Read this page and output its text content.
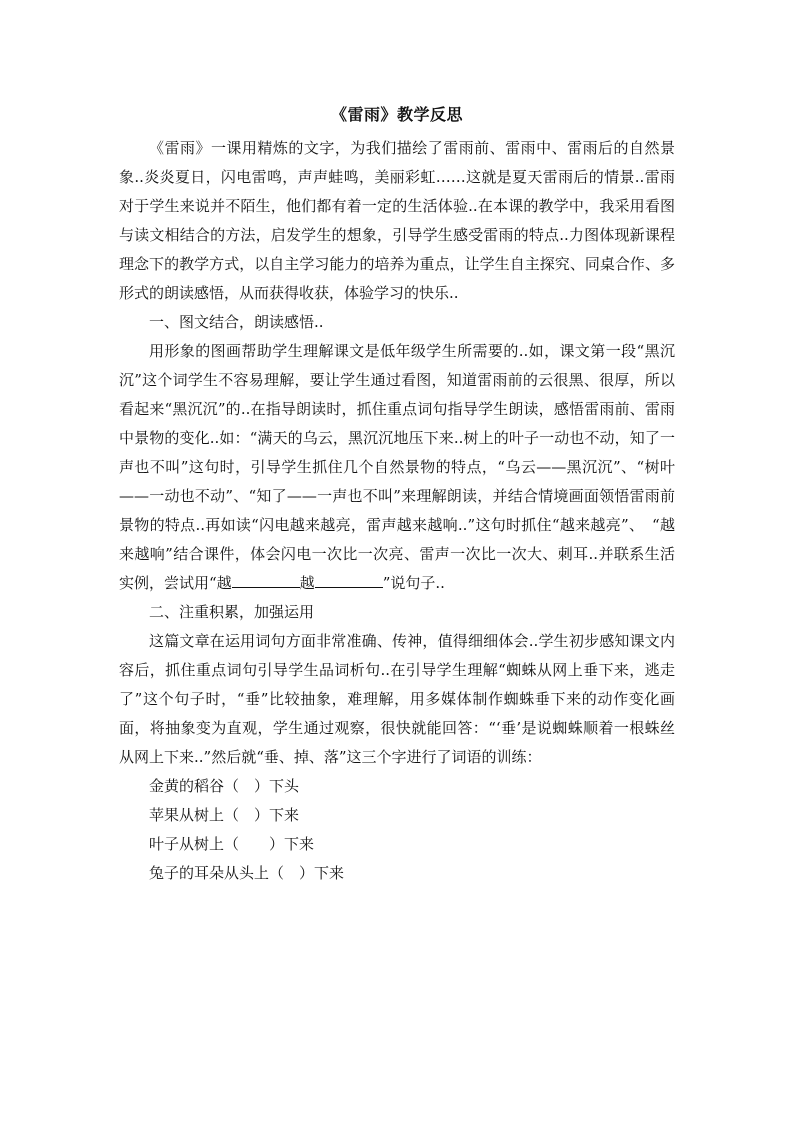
《雷雨》教学反思

《雷雨》一课用精炼的文字，为我们描绘了雷雨前、雷雨中、雷雨后的自然景象..炎炎夏日，闪电雷鸣，声声蛙鸣，美丽彩虹……这就是夏天雷雨后的情景..雷雨对于学生来说并不陌生，他们都有着一定的生活体验..在本课的教学中，我采用看图与读文相结合的方法，启发学生的想象，引导学生感受雷雨的特点..力图体现新课程理念下的教学方式，以自主学习能力的培养为重点，让学生自主探究、同桌合作、多形式的朗读感悟，从而获得收获，体验学习的快乐..

一、图文结合，朗读感悟..

用形象的图画帮助学生理解课文是低年级学生所需要的..如，课文第一段“黑沉沉”这个词学生不容易理解，要让学生通过看图，知道雷雨前的云很黑、很厚，所以看起来“黑沉沉”的..在指导朗读时，抓住重点词句指导学生朗读，感悟雷雨前、雷雨中景物的变化..如：“满天的乌云，黑沉沉地压下来..树上的叶子一动也不动，知了一声也不叫”这句时，引导学生抓住几个自然景物的特点，“乌云——黑沉沉”、“树叶——一动也不动”、“知了——一声也不叫”来理解朗读，并结合情境画面领悟雷雨前景物的特点..再如读“闪电越来越亮，雷声越来越响..”这句时抓住“越来越亮”、　“越来越响”结合课件，体会闪电一次比一次亮、雷声一次比一次大、刺耳..并联系生活实例，尝试用“越	越	”说句子..

二、注重积累，加强运用

这篇文章在运用词句方面非常准确、传神，值得细细体会..学生初步感知课文内容后，抓住重点词句引导学生品词析句..在引导学生理解“蜘蛛从网上垂下来，逃走了”这个句子时，“垂”比较抽象，难理解，用多媒体制作蜘蛛垂下来的动作变化画面，将抽象变为直观，学生通过观察，很快就能回答：“‘垂’是说蜘蛛顺着一根蛛丝从网上下来..”然后就“垂、掉、落”这三个字进行了词语的训练：

金黄的稻谷（　）下头

苹果从树上（　）下来

叶子从树上（　　）下来

兔子的耳朵从头上（　）下来
